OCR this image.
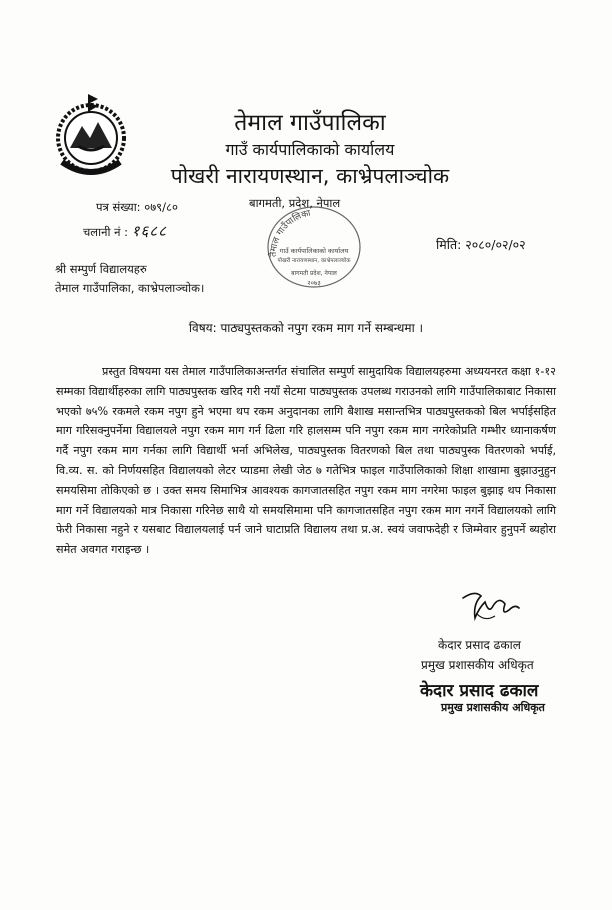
तेमाल गाउँपालिका
गाउँ कार्यपालिकाको कार्यालय
पोखरी नारायणस्थान, काभ्रेपलाञ्चोक
पत्र संख्या: ०७९/८०
चलानी नं : १६८८
बागमती, प्रदेश, नेपाल
तेमाल गाउँपालिका
गाउँ कार्यपालिकाको कार्यालय
पोखरी नारायणस्थान, काभ्रेपलाञ्चोक
बागमती प्रदेश, नेपाल
२०७३
मिति: २०८०/०२/०२
श्री सम्पुर्ण विद्यालयहरु
तेमाल गाउँपालिका, काभ्रेपलाञ्चोक।
विषय: पाठ्यपुस्तकको नपुग रकम माग गर्ने सम्बन्धमा ।
प्रस्तुत विषयमा यस तेमाल गाउँपालिकाअन्तर्गत संचालित सम्पुर्ण सामुदायिक विद्यालयहरुमा अध्ययनरत कक्षा १-१२ सम्मका विद्यार्थीहरुका लागि पाठ्यपुस्तक खरिद गरी नयाँ सेटमा पाठ्यपुस्तक उपलब्ध गराउनको लागि गाउँपालिकाबाट निकासा भएको ७५% रकमले रकम नपुग हुने भएमा थप रकम अनुदानका लागि बैशाख मसान्तभित्र पाठ्यपुस्तकको बिल भर्पाईसहित माग गरिसक्नुपर्नेमा विद्यालयले नपुग रकम माग गर्न ढिला गरि हालसम्म पनि नपुग रकम माग नगरेकोप्रति गम्भीर ध्यानाकर्षण गर्दै नपुग रकम माग गर्नका लागि विद्यार्थी भर्ना अभिलेख, पाठ्यपुस्तक वितरणको बिल तथा पाठ्यपुस्क वितरणको भर्पाई, वि.व्य. स. को निर्णयसहित विद्यालयको लेटर प्याडमा लेखी जेठ ७ गतेभित्र फाइल गाउँपालिकाको शिक्षा शाखामा बुझाउनुहुन समयसिमा तोकिएको छ । उक्त समय सिमाभित्र आवश्यक कागजातसहित नपुग रकम माग नगरेमा फाइल बुझाइ थप निकासा माग गर्ने विद्यालयको मात्र निकासा गरिनेछ साथै यो समयसिमामा पनि कागजातसहित नपुग रकम माग नगर्ने विद्यालयको लागि फेरी निकासा नहुने र यसबाट विद्यालयलाई पर्न जाने घाटाप्रति विद्यालय तथा प्र.अ. स्वयं जवाफदेही र जिम्मेवार हुनुपर्ने ब्यहोरा समेत अवगत गराइन्छ ।
केदार प्रसाद ढकाल
प्रमुख प्रशासकीय अधिकृत
केदार प्रसाद ढकाल
प्रमुख प्रशासकीय अधिकृत
